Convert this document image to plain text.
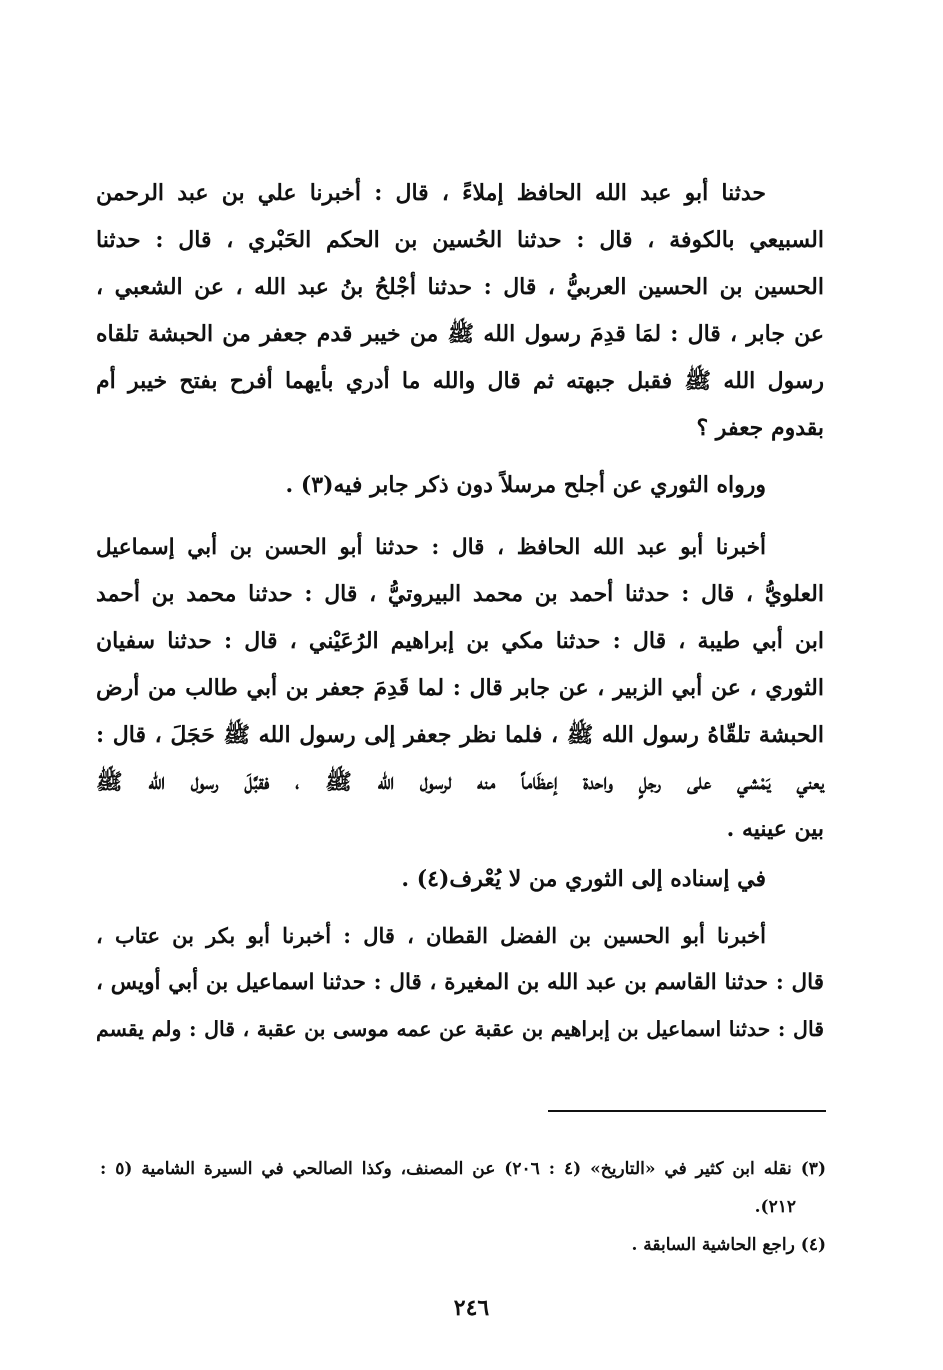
حدثنا أبو عبد الله الحافظ إملاءً ، قال : أخبرنا علي بن عبد الرحمن
السبيعي بالكوفة ، قال : حدثنا الحُسين بن الحكم الحَبْري ، قال : حدثنا
الحسين بن الحسين العربيُّ ، قال : حدثنا أجْلحُ بنُ عبد الله ، عن الشعبي ،
عن جابر ، قال : لمَا قدِمَ رسول الله ﷺ من خيبر قدم جعفر من الحبشة تلقاه
رسول الله ﷺ فقبل جبهته ثم قال والله ما أدري بأيهما أفرح بفتح خيبر أم
بقدوم جعفر ؟
ورواه الثوري عن أجلح مرسلاً دون ذكر جابر فيه(٣) .
أخبرنا أبو عبد الله الحافظ ، قال : حدثنا أبو الحسن بن أبي إسماعيل
العلويُّ ، قال : حدثنا أحمد بن محمد البيروتيُّ ، قال : حدثنا محمد بن أحمد
ابن أبي طيبة ، قال : حدثنا مكي بن إبراهيم الرُعَيْني ، قال : حدثنا سفيان
الثوري ، عن أبي الزبير ، عن جابر قال : لما قَدِمَ جعفر بن أبي طالب من أرض
الحبشة تلقّاهُ رسول الله ﷺ ، فلما نظر جعفر إلى رسول الله ﷺ حَجَلَ ، قال :
يعني يَمْشي على رجلٍ واحدة إعظَاماً منه لرسول الله ﷺ ، فقبَّلَ رسول الله ﷺ
بين عينيه .
في إسناده إلى الثوري من لا يُعْرف(٤) .
أخبرنا أبو الحسين بن الفضل القطان ، قال : أخبرنا أبو بكر بن عتاب ،
قال : حدثنا القاسم بن عبد الله بن المغيرة ، قال : حدثنا اسماعيل بن أبي أويس ،
قال : حدثنا اسماعيل بن إبراهيم بن عقبة عن عمه موسى بن عقبة ، قال : ولم يقسم
(٣) نقله ابن كثير في «التاريخ» (٤ : ٢٠٦) عن المصنف، وكذا الصالحي في السيرة الشامية (٥ :
٢١٢).
(٤) راجع الحاشية السابقة .
٢٤٦
